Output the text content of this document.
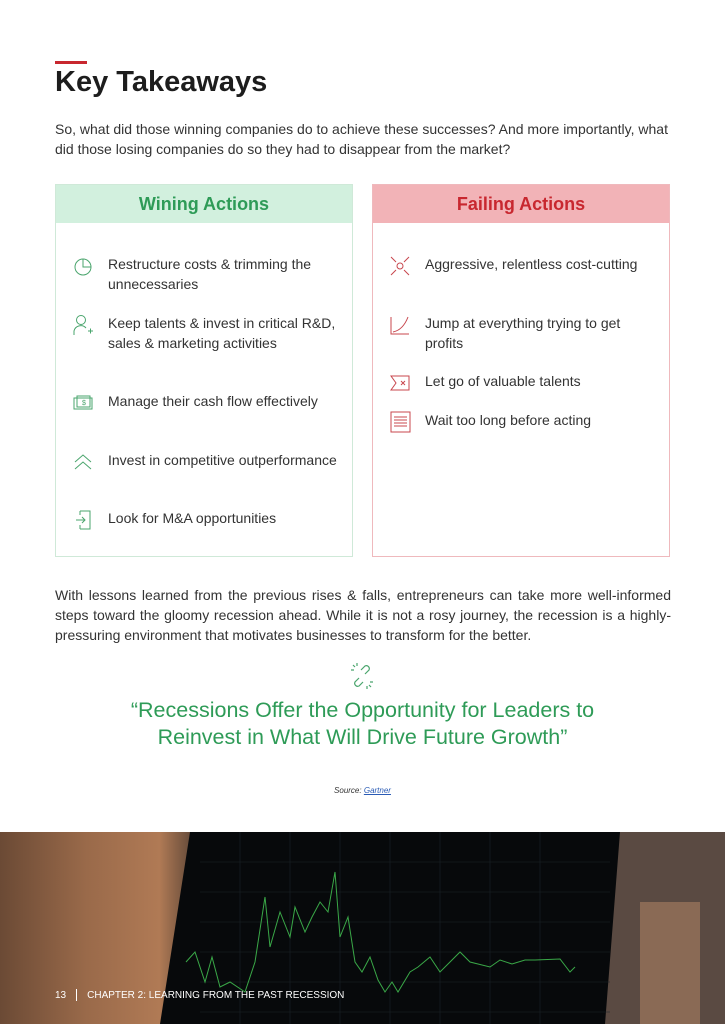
Key Takeaways

So, what did those winning companies do to achieve these successes? And more importantly, what did those losing companies do so they had to disappear from the market?

Wining Actions
Restructure costs & trimming the unnecessaries
Keep talents & invest in critical R&D, sales & marketing activities
$ Manage their cash flow effectively
Invest in competitive outperformance
Look for M&A opportunities
Failing Actions
Aggressive, relentless cost-cutting
Jump at everything trying to get profits
Let go of valuable talents
Wait too long before acting

With lessons learned from the previous rises & falls, entrepreneurs can take more well-informed steps toward the gloomy recession ahead. While it is not a rosy journey, the recession is a highly-pressuring environment that motivates businesses to transform for the better.

“Recessions Offer the Opportunity for Leaders to Reinvest in What Will Drive Future Growth”

Source: Gartner

13 CHAPTER 2: LEARNING FROM THE PAST RECESSION
